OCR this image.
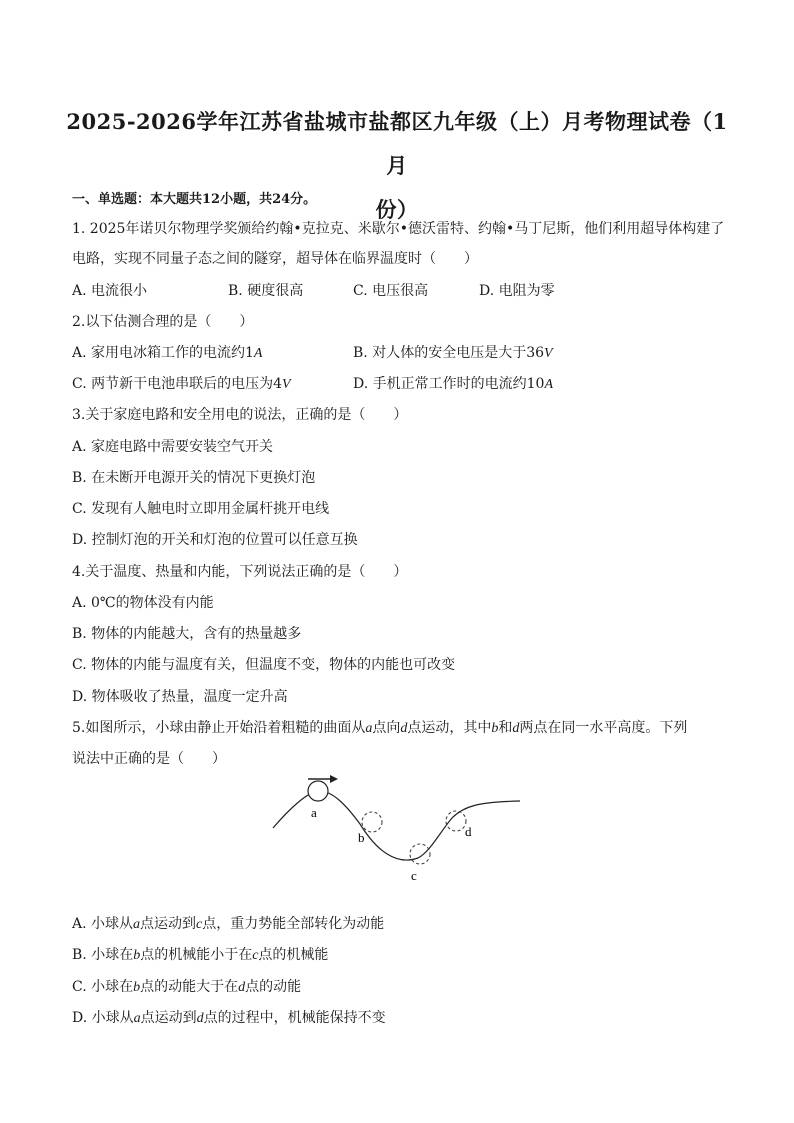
2025-2026学年江苏省盐城市盐都区九年级（上）月考物理试卷（1月
份）
一、单选题：本大题共12小题，共24分。
1. 2025年诺贝尔物理学奖颁给约翰•克拉克、米歇尔•德沃雷特、约翰•马丁尼斯，他们利用超导体构建了
电路，实现不同量子态之间的隧穿，超导体在临界温度时（　　）
A. 电流很小	B. 硬度很高	C. 电压很高	D. 电阻为零
2.以下估测合理的是（　　）
A. 家用电冰箱工作的电流约1A	B. 对人体的安全电压是大于36V
C. 两节新干电池串联后的电压为4V	D. 手机正常工作时的电流约10A
3.关于家庭电路和安全用电的说法，正确的是（　　）
A. 家庭电路中需要安装空气开关
B. 在未断开电源开关的情况下更换灯泡
C. 发现有人触电时立即用金属杆挑开电线
D. 控制灯泡的开关和灯泡的位置可以任意互换
4.关于温度、热量和内能，下列说法正确的是（　　）
A. 0℃的物体没有内能
B. 物体的内能越大，含有的热量越多
C. 物体的内能与温度有关，但温度不变，物体的内能也可改变
D. 物体吸收了热量，温度一定升高
5.如图所示，小球由静止开始沿着粗糙的曲面从a点向d点运动，其中b和d两点在同一水平高度。下列
说法中正确的是（　　）
a
b
c
d
A. 小球从a点运动到c点，重力势能全部转化为动能
B. 小球在b点的机械能小于在c点的机械能
C. 小球在b点的动能大于在d点的动能
D. 小球从a点运动到d点的过程中，机械能保持不变
